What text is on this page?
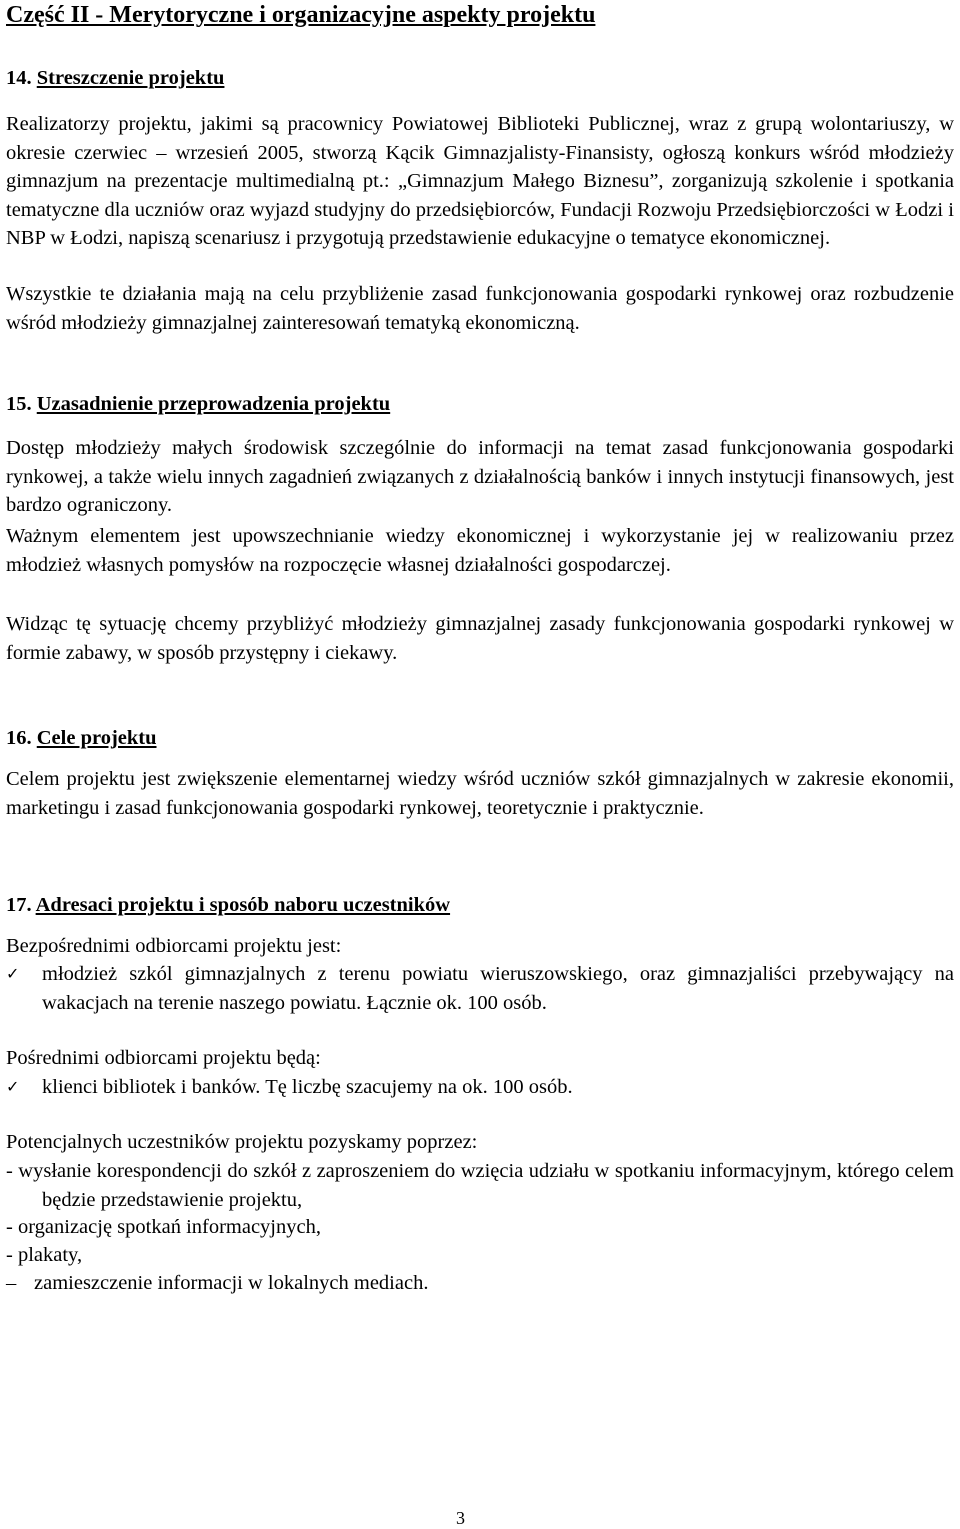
Część II - Merytoryczne i organizacyjne aspekty projektu
14. Streszczenie projektu
Realizatorzy projektu, jakimi są pracownicy Powiatowej Biblioteki Publicznej, wraz z grupą wolontariuszy, w okresie czerwiec – wrzesień 2005, stworzą Kącik Gimnazjalisty-Finansisty, ogłoszą konkurs wśród młodzieży gimnazjum na prezentacje multimedialną pt.: „Gimnazjum Małego Biznesu”, zorganizują szkolenie i spotkania tematyczne dla uczniów oraz wyjazd studyjny do przedsiębiorców, Fundacji Rozwoju Przedsiębiorczości w Łodzi i NBP w Łodzi, napiszą scenariusz i przygotują przedstawienie edukacyjne o tematyce ekonomicznej.
Wszystkie te działania mają na celu przybliżenie zasad funkcjonowania gospodarki rynkowej oraz rozbudzenie wśród młodzieży gimnazjalnej zainteresowań tematyką ekonomiczną.
15. Uzasadnienie przeprowadzenia projektu
Dostęp młodzieży małych środowisk szczególnie do informacji na temat zasad funkcjonowania gospodarki rynkowej, a także wielu innych zagadnień związanych z działalnością banków i innych instytucji finansowych, jest bardzo ograniczony.
Ważnym elementem jest upowszechnianie wiedzy ekonomicznej i wykorzystanie jej w realizowaniu przez młodzież własnych pomysłów na rozpoczęcie własnej działalności gospodarczej.
Widząc tę sytuację chcemy przybliżyć młodzieży gimnazjalnej zasady funkcjonowania gospodarki rynkowej w formie zabawy, w sposób przystępny i ciekawy.
16. Cele projektu
Celem projektu jest zwiększenie elementarnej wiedzy wśród uczniów szkół gimnazjalnych w zakresie ekonomii, marketingu i zasad funkcjonowania gospodarki rynkowej, teoretycznie i praktycznie.
17. Adresaci projektu i sposób naboru uczestników
Bezpośrednimi odbiorcami projektu jest:
✓	młodzież szkól gimnazjalnych z terenu powiatu wieruszowskiego, oraz gimnazjaliści przebywający na wakacjach na terenie naszego powiatu. Łącznie ok. 100 osób.
Pośrednimi odbiorcami projektu będą:
✓	klienci bibliotek i banków. Tę liczbę szacujemy na ok. 100 osób.
Potencjalnych uczestników projektu pozyskamy poprzez:
- wysłanie korespondencji do szkół z zaproszeniem do wzięcia udziału w spotkaniu informacyjnym, którego celem będzie przedstawienie projektu,
- organizację spotkań informacyjnych,
- plakaty,
– zamieszczenie informacji w lokalnych mediach.
3
